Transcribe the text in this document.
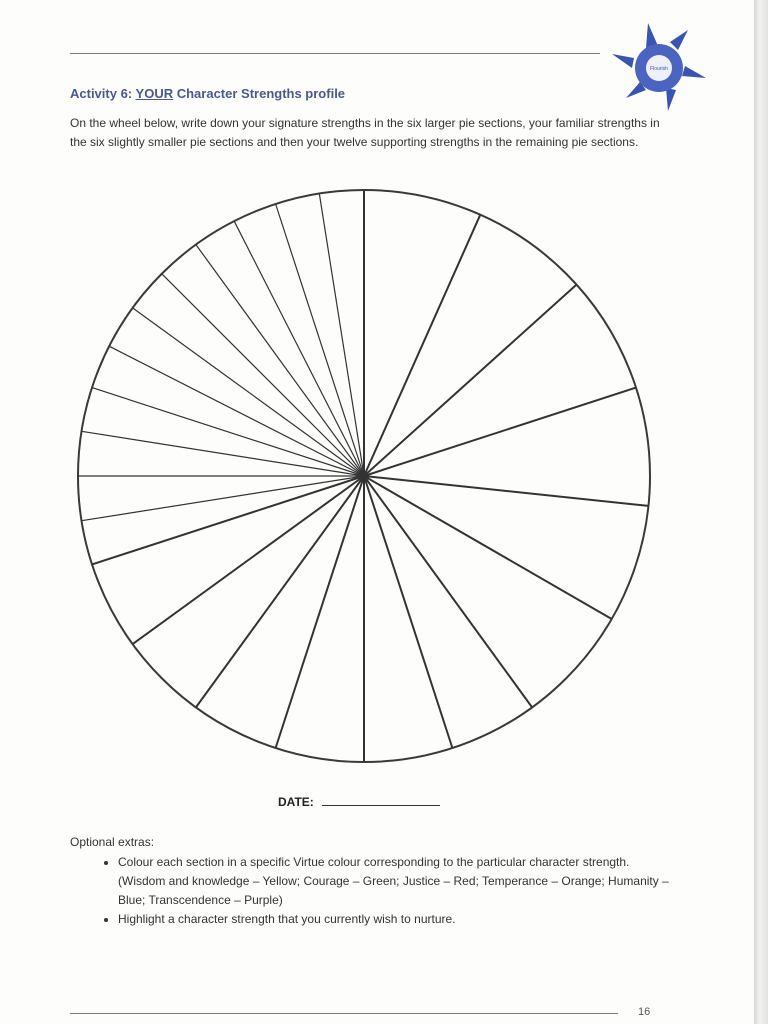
Flourish
Activity 6: YOUR Character Strengths profile
On the wheel below, write down your signature strengths in the six larger pie sections, your familiar strengths in the six slightly smaller pie sections and then your twelve supporting strengths in the remaining pie sections.
DATE:
Optional extras:
• Colour each section in a specific Virtue colour corresponding to the particular character strength. (Wisdom and knowledge – Yellow; Courage – Green; Justice – Red; Temperance – Orange; Humanity – Blue; Transcendence – Purple)
• Highlight a character strength that you currently wish to nurture.
16
